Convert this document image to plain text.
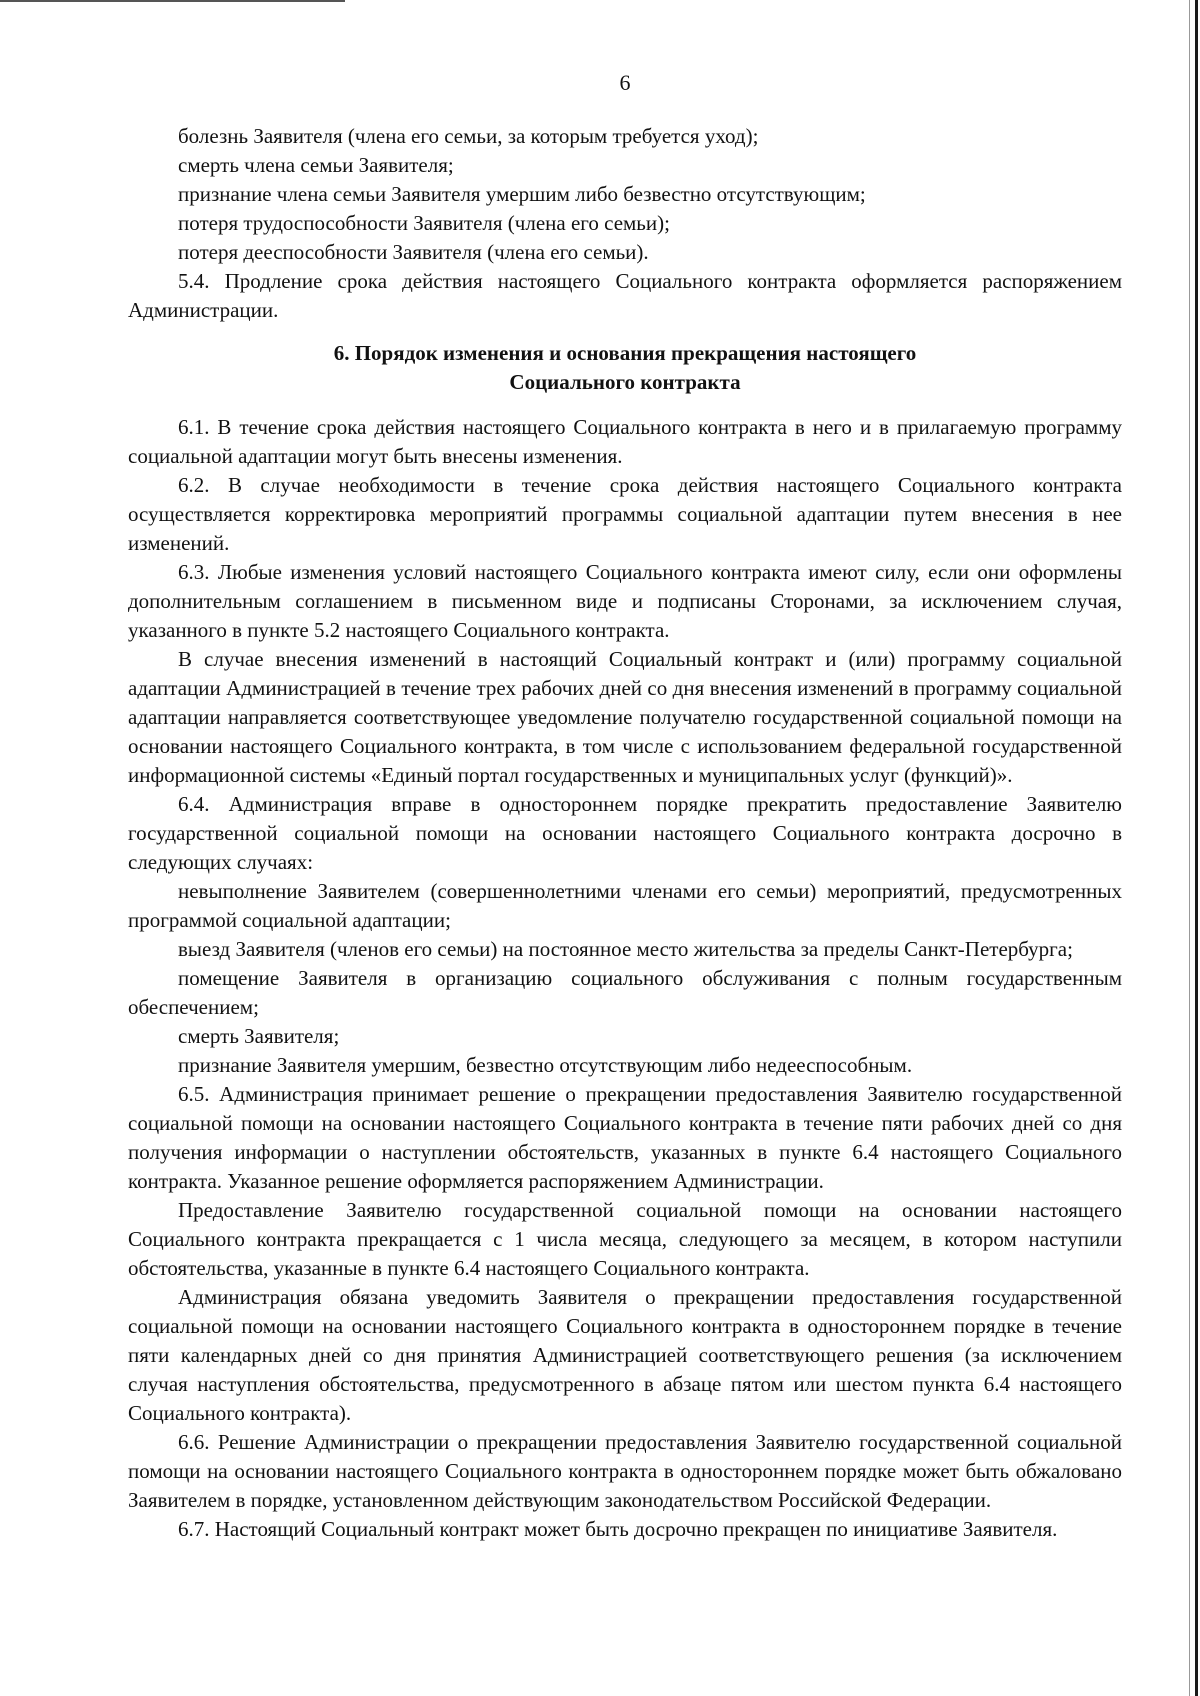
6

болезнь Заявителя (члена его семьи, за которым требуется уход);

смерть члена семьи Заявителя;

признание члена семьи Заявителя умершим либо безвестно отсутствующим;

потеря трудоспособности Заявителя (члена его семьи);

потеря дееспособности Заявителя (члена его семьи).

5.4. Продление срока действия настоящего Социального контракта оформляется распоряжением Администрации.

6. Порядок изменения и основания прекращения настоящего
Социального контракта

6.1. В течение срока действия настоящего Социального контракта в него и в прилагаемую программу социальной адаптации могут быть внесены изменения.

6.2. В случае необходимости в течение срока действия настоящего Социального контракта осуществляется корректировка мероприятий программы социальной адаптации путем внесения в нее изменений.

6.3. Любые изменения условий настоящего Социального контракта имеют силу, если они оформлены дополнительным соглашением в письменном виде и подписаны Сторонами, за исключением случая, указанного в пункте 5.2 настоящего Социального контракта.

В случае внесения изменений в настоящий Социальный контракт и (или) программу социальной адаптации Администрацией в течение трех рабочих дней со дня внесения изменений в программу социальной адаптации направляется соответствующее уведомление получателю государственной социальной помощи на основании настоящего Социального контракта, в том числе с использованием федеральной государственной информационной системы «Единый портал государственных и муниципальных услуг (функций)».

6.4. Администрация вправе в одностороннем порядке прекратить предоставление Заявителю государственной социальной помощи на основании настоящего Социального контракта досрочно в следующих случаях:

невыполнение Заявителем (совершеннолетними членами его семьи) мероприятий, предусмотренных программой социальной адаптации;

выезд Заявителя (членов его семьи) на постоянное место жительства за пределы Санкт-Петербурга;

помещение Заявителя в организацию социального обслуживания с полным государственным обеспечением;

смерть Заявителя;

признание Заявителя умершим, безвестно отсутствующим либо недееспособным.

6.5. Администрация принимает решение о прекращении предоставления Заявителю государственной социальной помощи на основании настоящего Социального контракта в течение пяти рабочих дней со дня получения информации о наступлении обстоятельств, указанных в пункте 6.4 настоящего Социального контракта. Указанное решение оформляется распоряжением Администрации.

Предоставление Заявителю государственной социальной помощи на основании настоящего Социального контракта прекращается с 1 числа месяца, следующего за месяцем, в котором наступили обстоятельства, указанные в пункте 6.4 настоящего Социального контракта.

Администрация обязана уведомить Заявителя о прекращении предоставления государственной социальной помощи на основании настоящего Социального контракта в одностороннем порядке в течение пяти календарных дней со дня принятия Администрацией соответствующего решения (за исключением случая наступления обстоятельства, предусмотренного в абзаце пятом или шестом пункта 6.4 настоящего Социального контракта).

6.6. Решение Администрации о прекращении предоставления Заявителю государственной социальной помощи на основании настоящего Социального контракта в одностороннем порядке может быть обжаловано Заявителем в порядке, установленном действующим законодательством Российской Федерации.

6.7. Настоящий Социальный контракт может быть досрочно прекращен по инициативе Заявителя.
